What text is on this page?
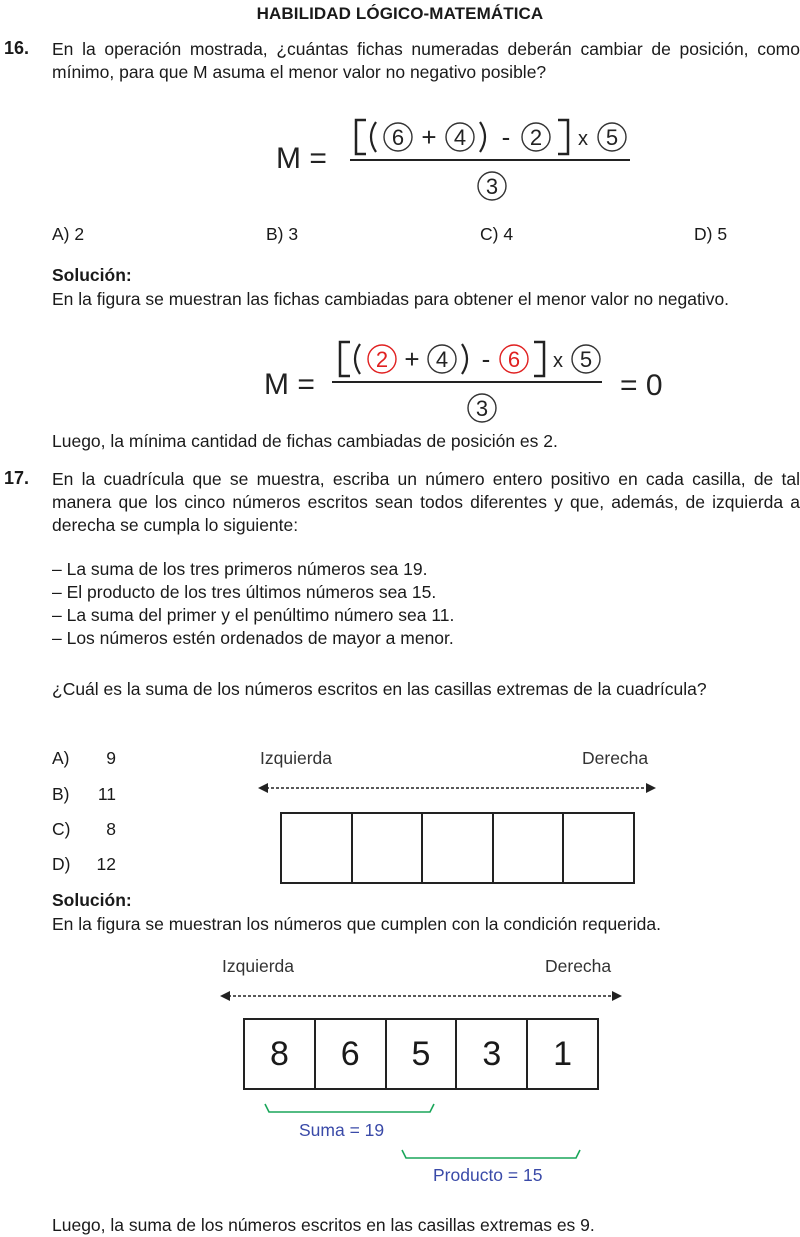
HABILIDAD LÓGICO-MATEMÁTICA
16. En la operación mostrada, ¿cuántas fichas numeradas deberán cambiar de posición, como mínimo, para que M asuma el menor valor no negativo posible?
M =
6 + 4 - 2 x 5
3
A) 2	B) 3	C) 4	D) 5
Solución:
En la figura se muestran las fichas cambiadas para obtener el menor valor no negativo.
M =
2 + 4 - 6 x 5
3
= 0
Luego, la mínima cantidad de fichas cambiadas de posición es 2.
17. En la cuadrícula que se muestra, escriba un número entero positivo en cada casilla, de tal manera que los cinco números escritos sean todos diferentes y que, además, de izquierda a derecha se cumpla lo siguiente:
– La suma de los tres primeros números sea 19.
– El producto de los tres últimos números sea 15.
– La suma del primer y el penúltimo número sea 11.
– Los números estén ordenados de mayor a menor.
¿Cuál es la suma de los números escritos en las casillas extremas de la cuadrícula?
A) 9
B) 11
C) 8
D) 12
Izquierda	Derecha
Solución:
En la figura se muestran los números que cumplen con la condición requerida.
Izquierda	Derecha
8	6	5	3	1
Suma = 19
Producto = 15
Luego, la suma de los números escritos en las casillas extremas es 9.
